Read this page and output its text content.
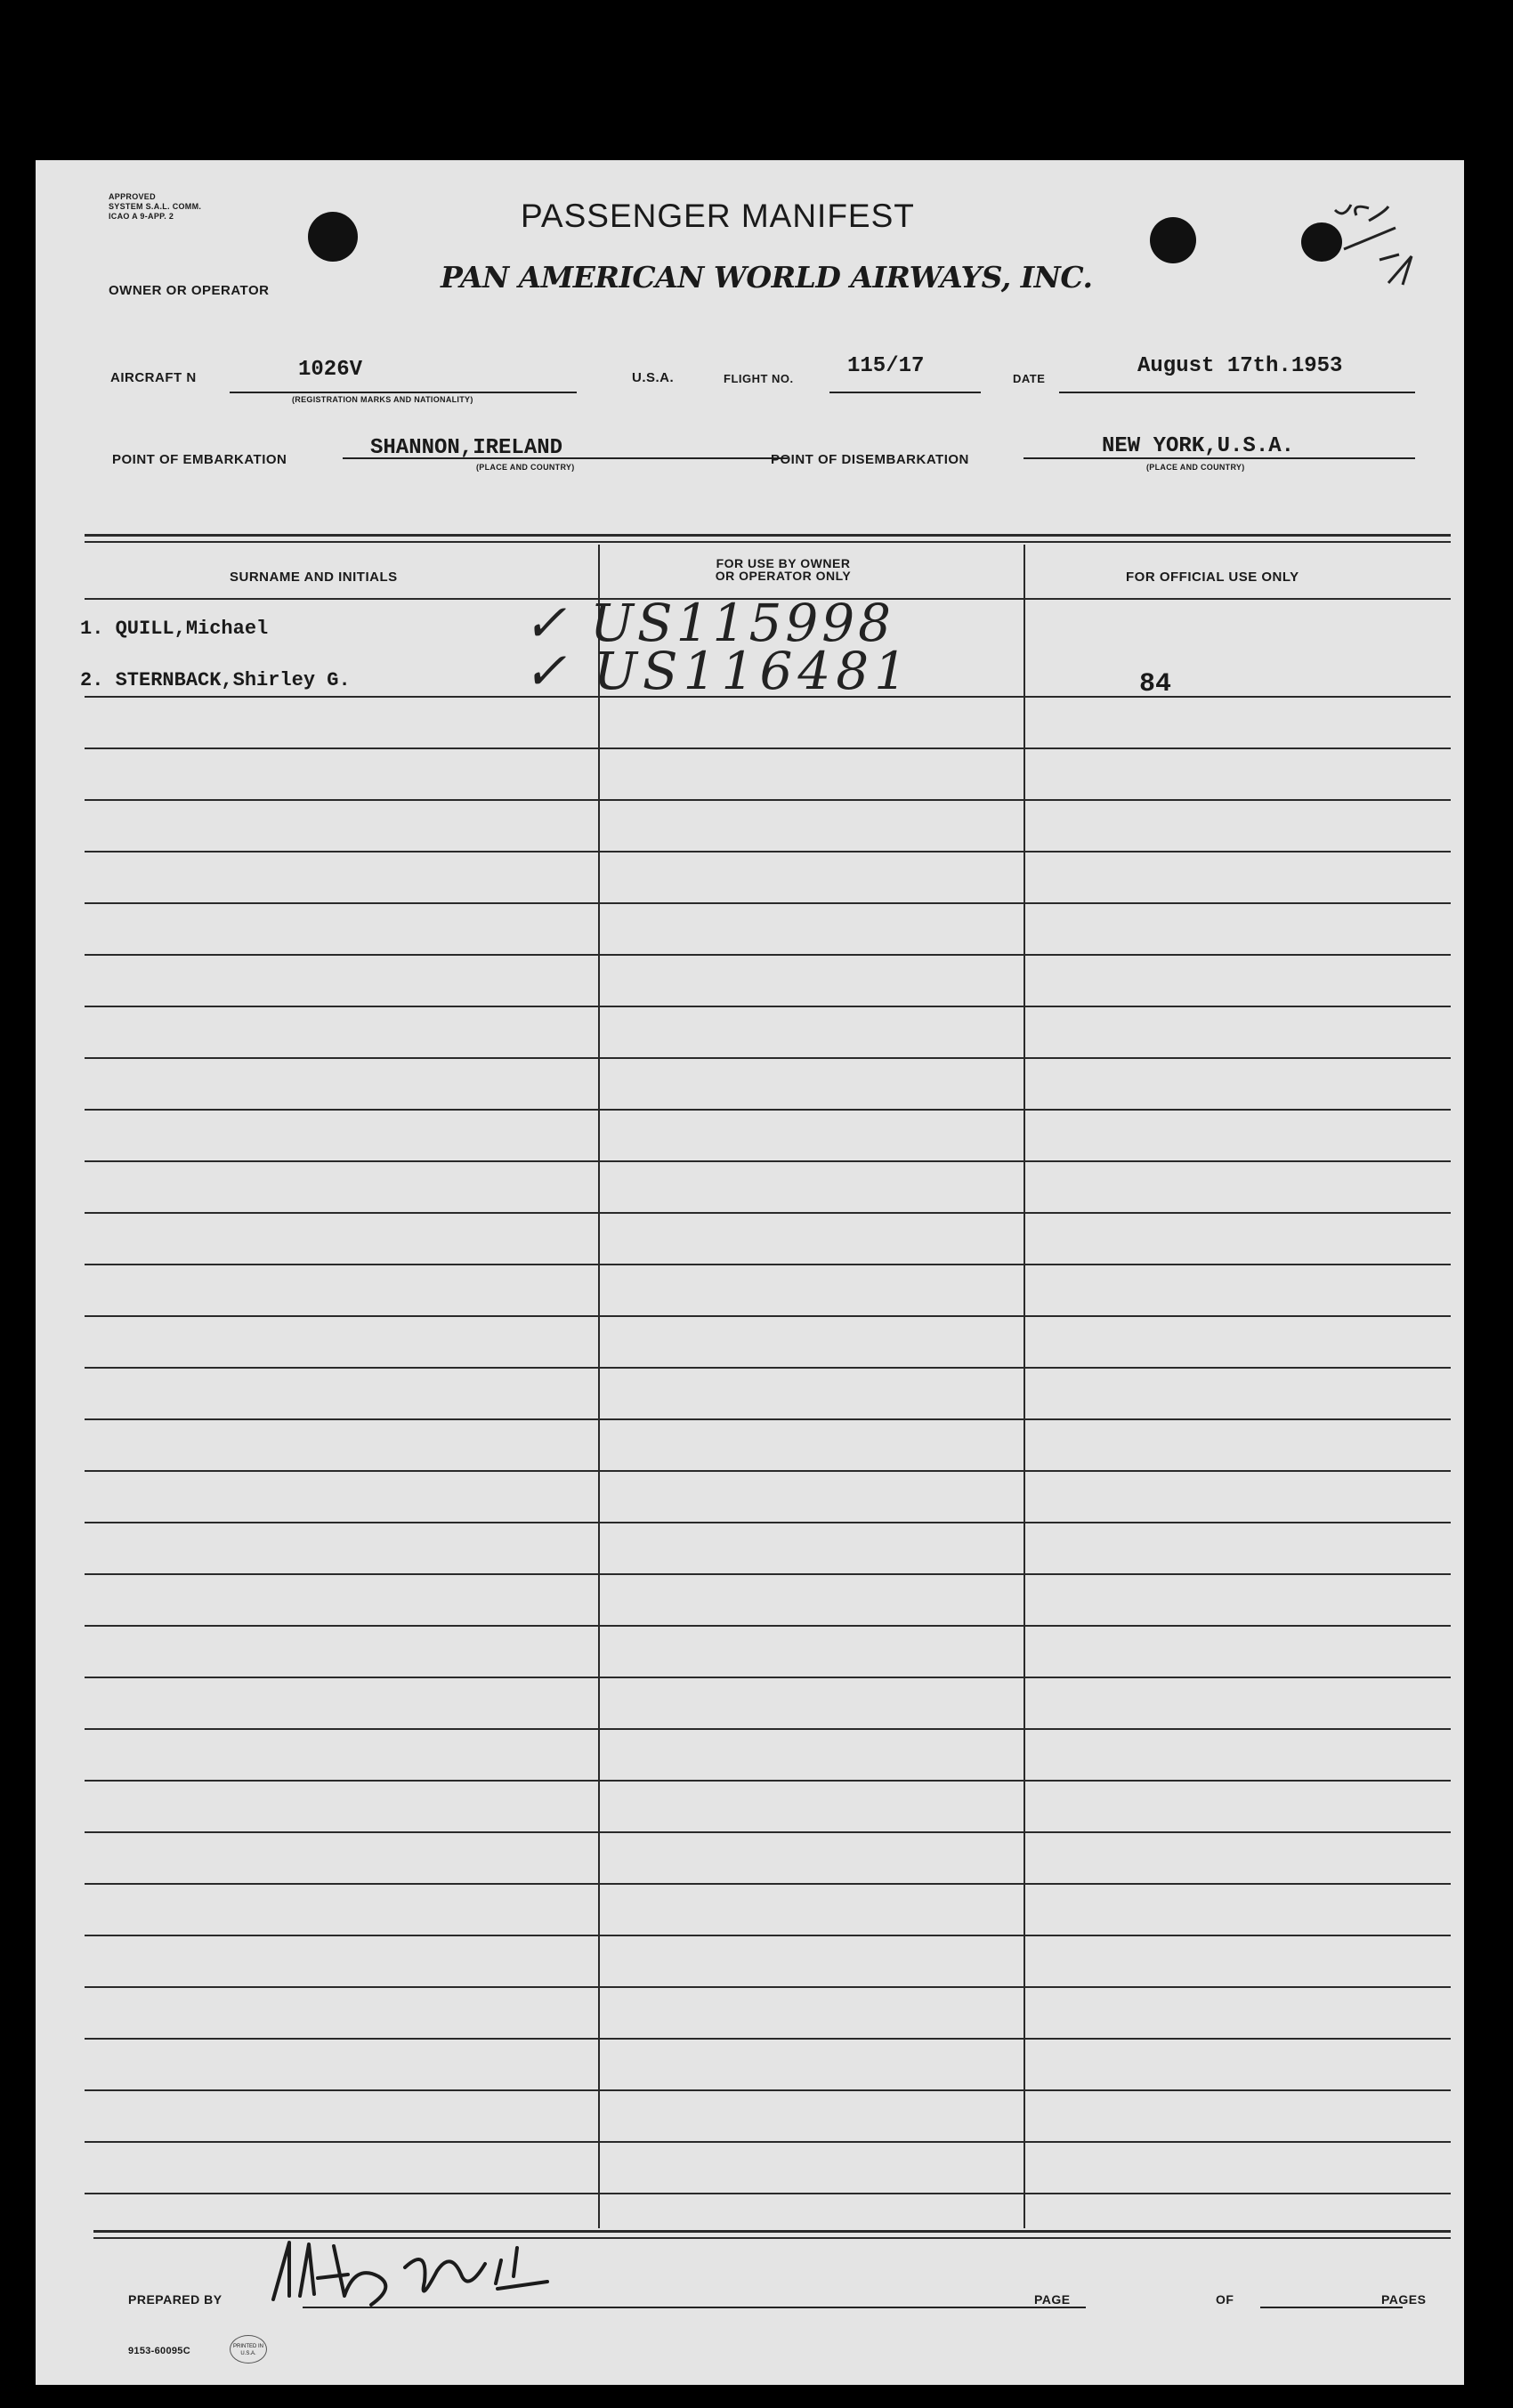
APPROVED
SYSTEM S.A.L. COMM.
ICAO A 9-APP. 2	PASSENGER MANIFEST
PAN AMERICAN WORLD AIRWAYS, INC.
OWNER OR OPERATOR
AIRCRAFT N	1026V
(REGISTRATION MARKS AND NATIONALITY)
U.S.A.	FLIGHT NO.
115/17
DATE
August 17th.1953
POINT OF EMBARKATION	SHANNON,IRELAND
(PLACE AND COUNTRY)	POINT OF DISEMBARKATION
NEW YORK,U.S.A.
(PLACE AND COUNTRY)
SURNAME AND INITIALS
FOR USE BY OWNER
OR OPERATOR ONLY	FOR OFFICIAL USE ONLY
1. QUILL,Michael	✓ US115998
2. STERNBACK,Shirley G.	✓ US116481	84
PREPARED BY	PAGE	OF	PAGES
9153-60095C	PRINTED IN U.S.A.
